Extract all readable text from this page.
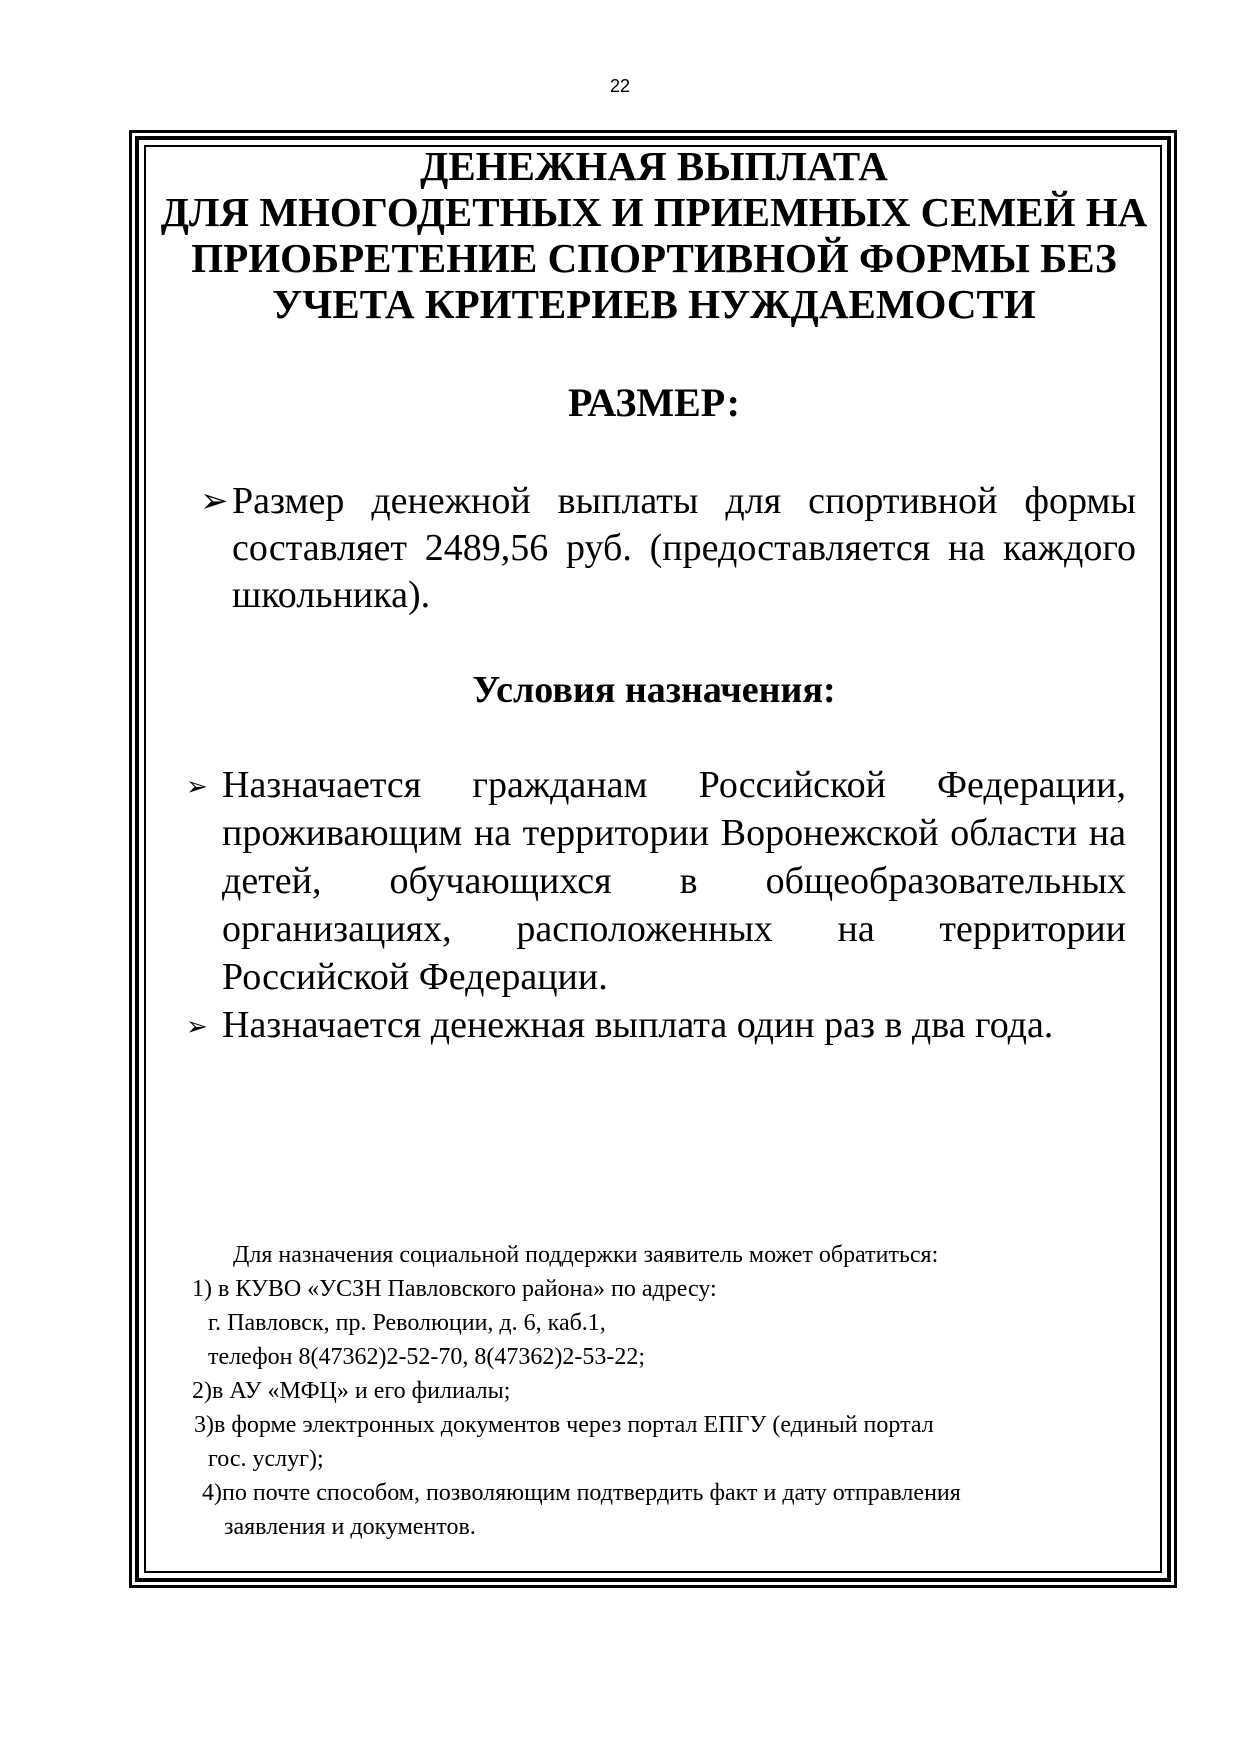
22
ДЕНЕЖНАЯ ВЫПЛАТА
ДЛЯ МНОГОДЕТНЫХ И ПРИЕМНЫХ СЕМЕЙ НА
ПРИОБРЕТЕНИЕ СПОРТИВНОЙ ФОРМЫ БЕЗ
УЧЕТА КРИТЕРИЕВ НУЖДАЕМОСТИ
РАЗМЕР:
➢ Размер денежной выплаты для спортивной формы составляет 2489,56 руб. (предоставляется на каждого школьника).
Условия назначения:
➢ Назначается гражданам Российской Федерации, проживающим на территории Воронежской области на детей, обучающихся в общеобразовательных организациях, расположенных на территории Российской Федерации.
➢ Назначается денежная выплата один раз в два года.
Для назначения социальной поддержки заявитель может обратиться:
1) в КУВО «УСЗН Павловского района» по адресу:
г. Павловск, пр. Революции, д. 6, каб.1,
телефон 8(47362)2-52-70, 8(47362)2-53-22;
2)в АУ «МФЦ» и его филиалы;
3)в форме электронных документов через портал ЕПГУ (единый портал
гос. услуг);
4)по почте способом, позволяющим подтвердить факт и дату отправления
заявления и документов.
